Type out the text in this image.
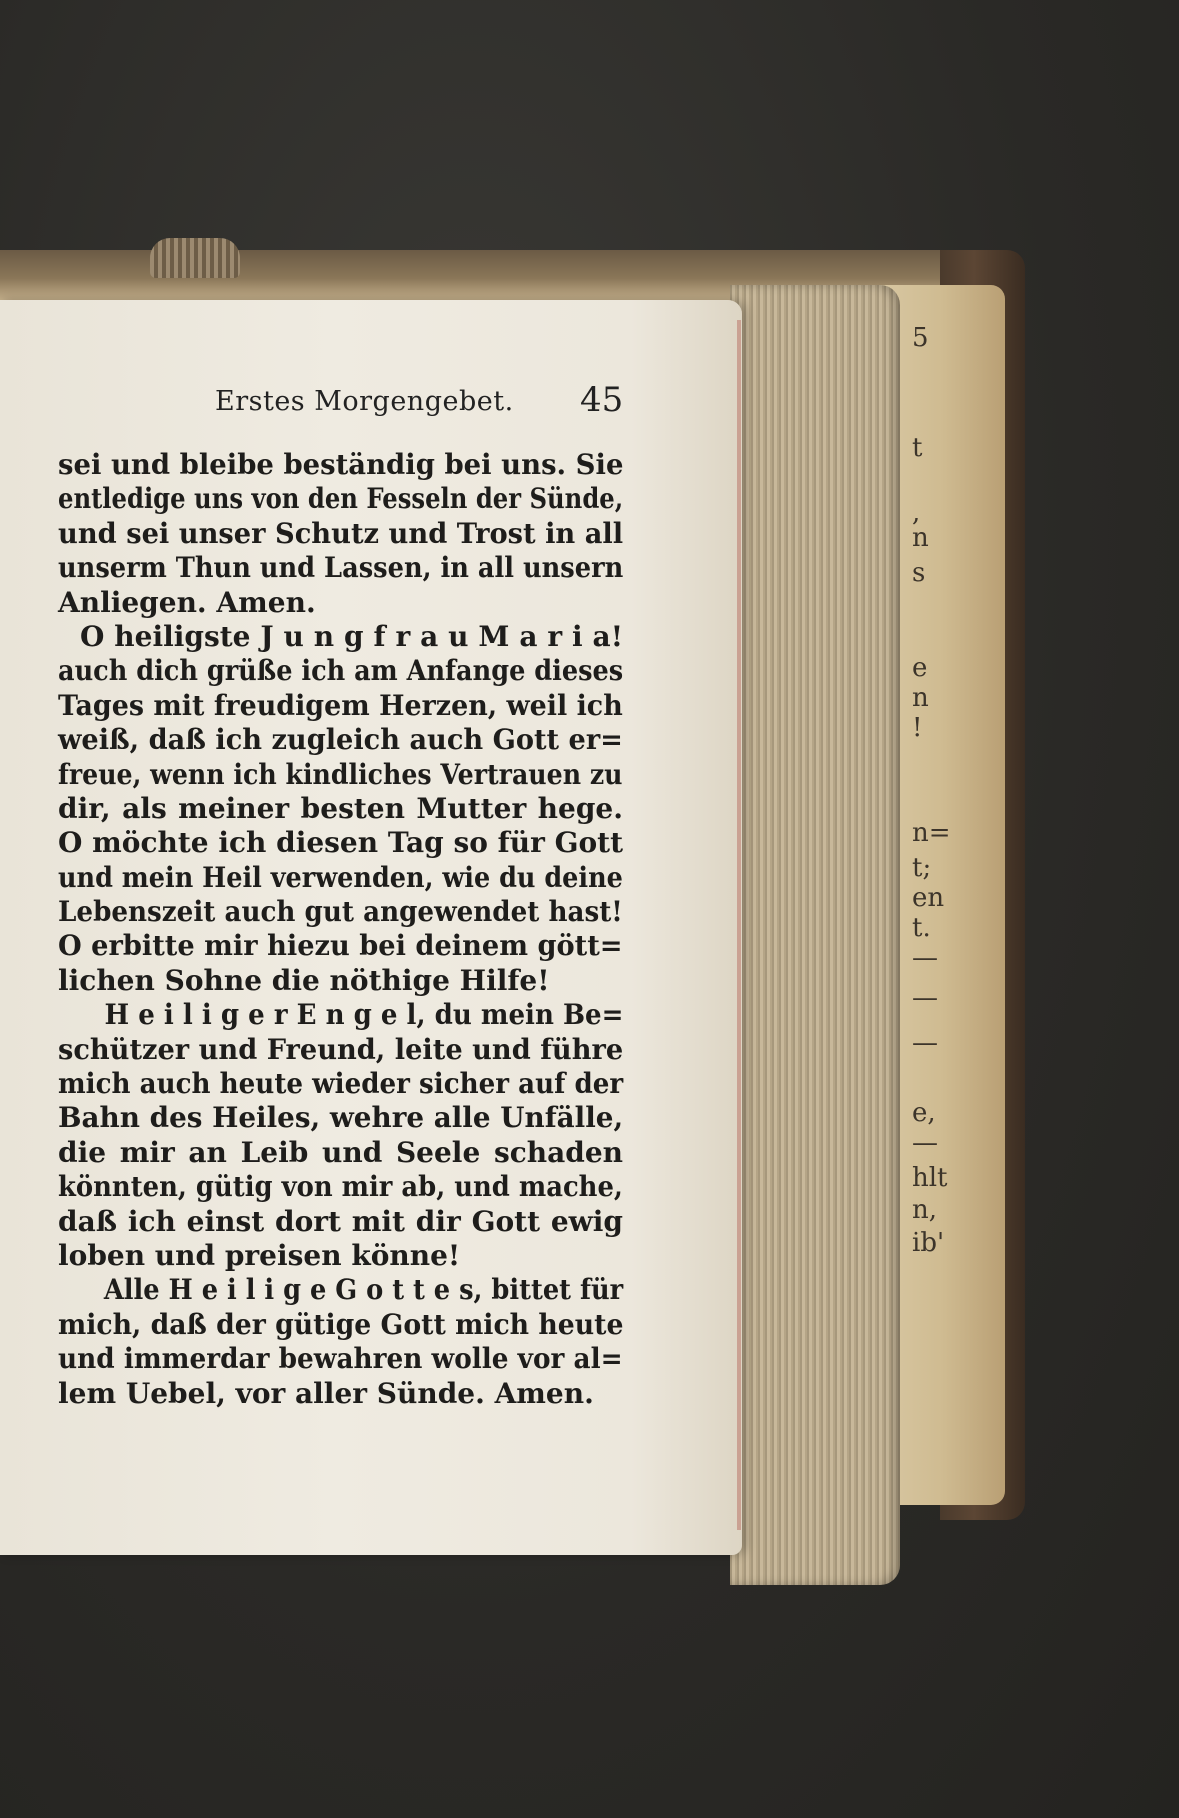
5
t
,
n
s
e
n
!
n=
t;
en
t.
—
—
—
e,
—
hlt
n,
ib'
Erstes Morgengebet. 45
sei und bleibe beständig bei uns. Sie
entledige uns von den Fesseln der Sünde,
und sei unser Schutz und Trost in all
unserm Thun und Lassen, in all unsern
Anliegen. Amen.
O heiligste J u n g f r a u M a r i a!
auch dich grüße ich am Anfange dieses
Tages mit freudigem Herzen, weil ich
weiß, daß ich zugleich auch Gott er=
freue, wenn ich kindliches Vertrauen zu
dir, als meiner besten Mutter hege.
O möchte ich diesen Tag so für Gott
und mein Heil verwenden, wie du deine
Lebenszeit auch gut angewendet hast!
O erbitte mir hiezu bei deinem gött=
lichen Sohne die nöthige Hilfe!
H e i l i g e r E n g e l, du mein Be=
schützer und Freund, leite und führe
mich auch heute wieder sicher auf der
Bahn des Heiles, wehre alle Unfälle,
die mir an Leib und Seele schaden
könnten, gütig von mir ab, und mache,
daß ich einst dort mit dir Gott ewig
loben und preisen könne!
Alle H e i l i g e G o t t e s, bittet für
mich, daß der gütige Gott mich heute
und immerdar bewahren wolle vor al=
lem Uebel, vor aller Sünde. Amen.
